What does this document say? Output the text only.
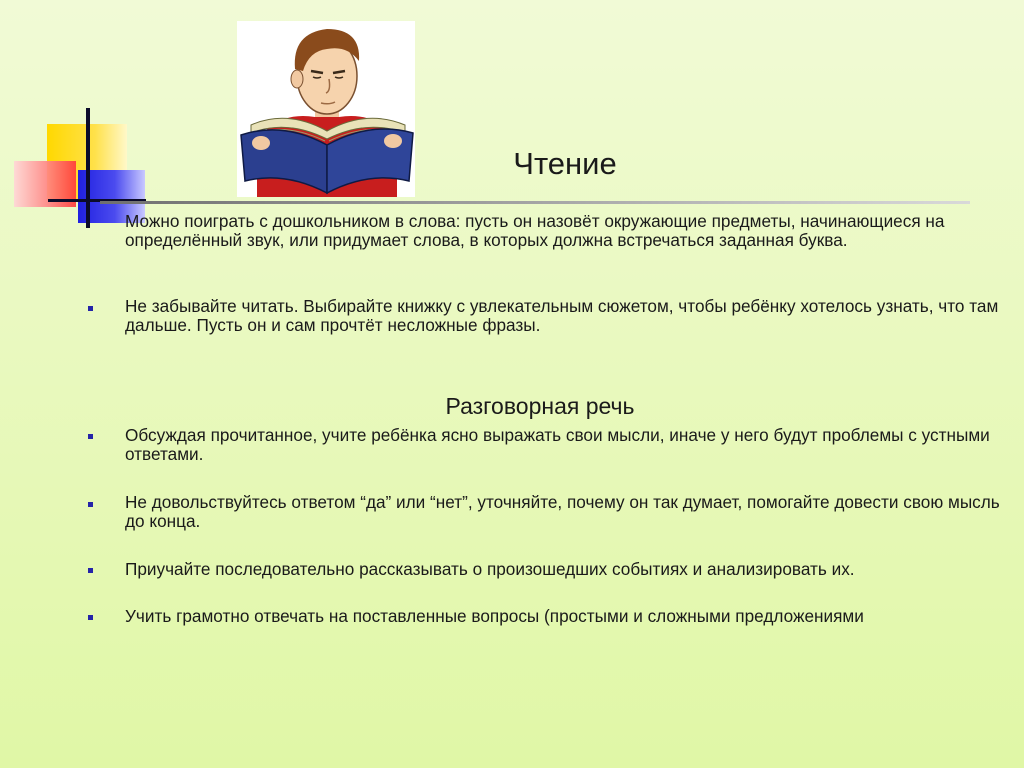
Чтение
Можно поиграть с дошкольником в слова: пусть он назовёт окружающие предметы, начинающиеся на определённый звук, или придумает слова, в которых должна встречаться заданная буква.
Не забывайте читать. Выбирайте книжку с увлекательным сюжетом, чтобы ребёнку хотелось узнать, что там дальше. Пусть он и сам прочтёт несложные фразы.
Разговорная речь
Обсуждая прочитанное, учите ребёнка ясно выражать свои мысли, иначе у него будут проблемы с устными ответами.
Не довольствуйтесь ответом “да” или “нет”, уточняйте, почему он так думает, помогайте довести свою мысль до конца.
Приучайте последовательно рассказывать о произошедших событиях и анализировать их.
Учить грамотно отвечать на поставленные вопросы (простыми и сложными предложениями
